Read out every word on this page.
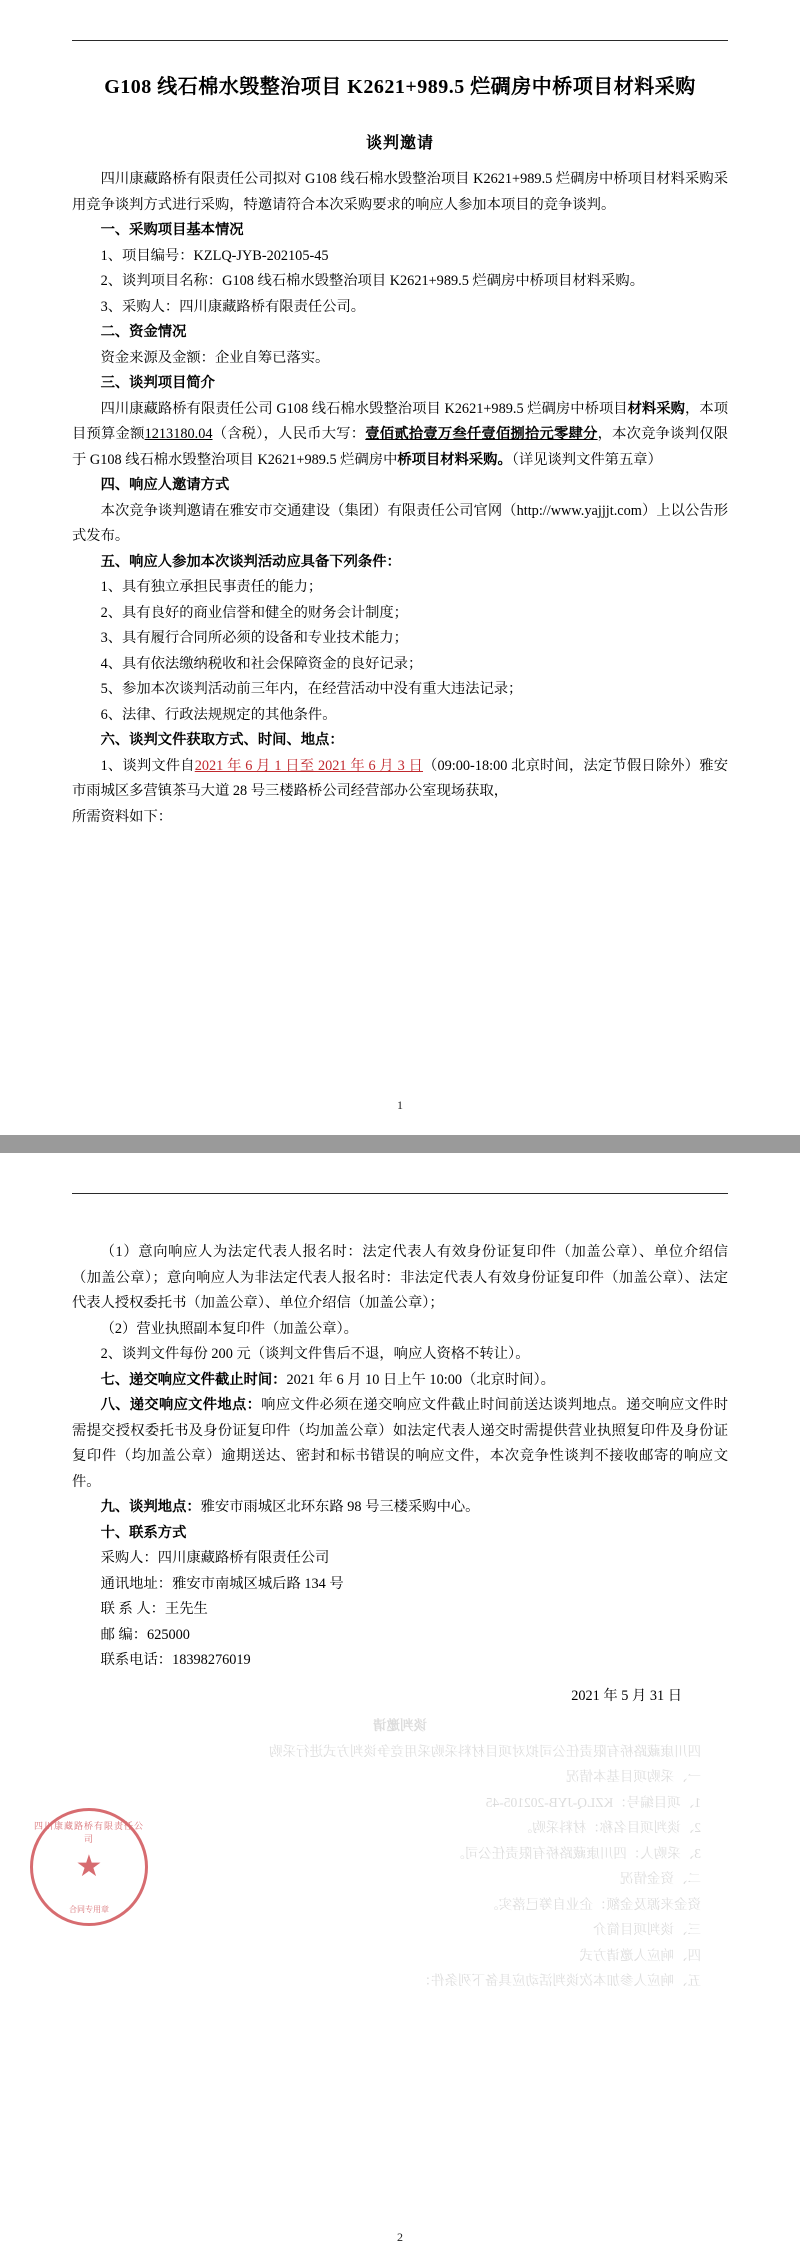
G108 线石棉水毁整治项目 K2621+989.5 烂碉房中桥项目材料采购
谈判邀请

四川康藏路桥有限责任公司拟对 G108 线石棉水毁整治项目 K2621+989.5 烂碉房中桥项目材料采购采用竞争谈判方式进行采购，特邀请符合本次采购要求的响应人参加本项目的竞争谈判。

一、采购项目基本情况

1、项目编号：KZLQ-JYB-202105-45

2、谈判项目名称：G108 线石棉水毁整治项目 K2621+989.5 烂碉房中桥项目材料采购。

3、采购人：四川康藏路桥有限责任公司。

二、资金情况

资金来源及金额：企业自筹已落实。

三、谈判项目简介

四川康藏路桥有限责任公司 G108 线石棉水毁整治项目 K2621+989.5 烂碉房中桥项目材料采购，本项目预算金额1213180.04（含税），人民币大写：壹佰贰拾壹万叁仟壹佰捌拾元零肆分，本次竞争谈判仅限于 G108 线石棉水毁整治项目 K2621+989.5 烂碉房中桥项目材料采购。（详见谈判文件第五章）

四、响应人邀请方式

本次竞争谈判邀请在雅安市交通建设（集团）有限责任公司官网（http://www.yajjjt.com）上以公告形式发布。

五、响应人参加本次谈判活动应具备下列条件：

1、具有独立承担民事责任的能力；

2、具有良好的商业信誉和健全的财务会计制度；

3、具有履行合同所必须的设备和专业技术能力；

4、具有依法缴纳税收和社会保障资金的良好记录；

5、参加本次谈判活动前三年内，在经营活动中没有重大违法记录；

6、法律、行政法规规定的其他条件。

六、谈判文件获取方式、时间、地点：

1、谈判文件自2021 年 6 月 1 日至 2021 年 6 月 3 日（09:00-18:00 北京时间，法定节假日除外）雅安市雨城区多营镇茶马大道 28 号三楼路桥公司经营部办公室现场获取，

所需资料如下：

1

（1）意向响应人为法定代表人报名时：法定代表人有效身份证复印件（加盖公章）、单位介绍信（加盖公章）；意向响应人为非法定代表人报名时：非法定代表人有效身份证复印件（加盖公章）、法定代表人授权委托书（加盖公章）、单位介绍信（加盖公章）；

（2）营业执照副本复印件（加盖公章）。

2、谈判文件每份 200 元（谈判文件售后不退，响应人资格不转让）。

七、递交响应文件截止时间：2021 年 6 月 10 日上午 10:00（北京时间）。

八、递交响应文件地点：响应文件必须在递交响应文件截止时间前送达谈判地点。递交响应文件时需提交授权委托书及身份证复印件（均加盖公章）如法定代表人递交时需提供营业执照复印件及身份证复印件（均加盖公章）逾期送达、密封和标书错误的响应文件，本次竞争性谈判不接收邮寄的响应文件。

九、谈判地点：雅安市雨城区北环东路 98 号三楼采购中心。

十、联系方式

采购人：四川康藏路桥有限责任公司

通讯地址：雅安市南城区城后路 134 号

联 系 人：王先生

邮 编：625000

联系电话：18398276019

2021 年 5 月 31 日

四川康藏路桥有限责任公司
★
合同专用章

谈判邀请

四川康藏路桥有限责任公司拟对项目材料采购采用竞争谈判方式进行采购

一、采购项目基本情况

1、项目编号：KZLQ-JYB-202105-45

2、谈判项目名称：材料采购。

3、采购人：四川康藏路桥有限责任公司。

二、资金情况

资金来源及金额：企业自筹已落实。

三、谈判项目简介

四、响应人邀请方式

五、响应人参加本次谈判活动应具备下列条件：

2
